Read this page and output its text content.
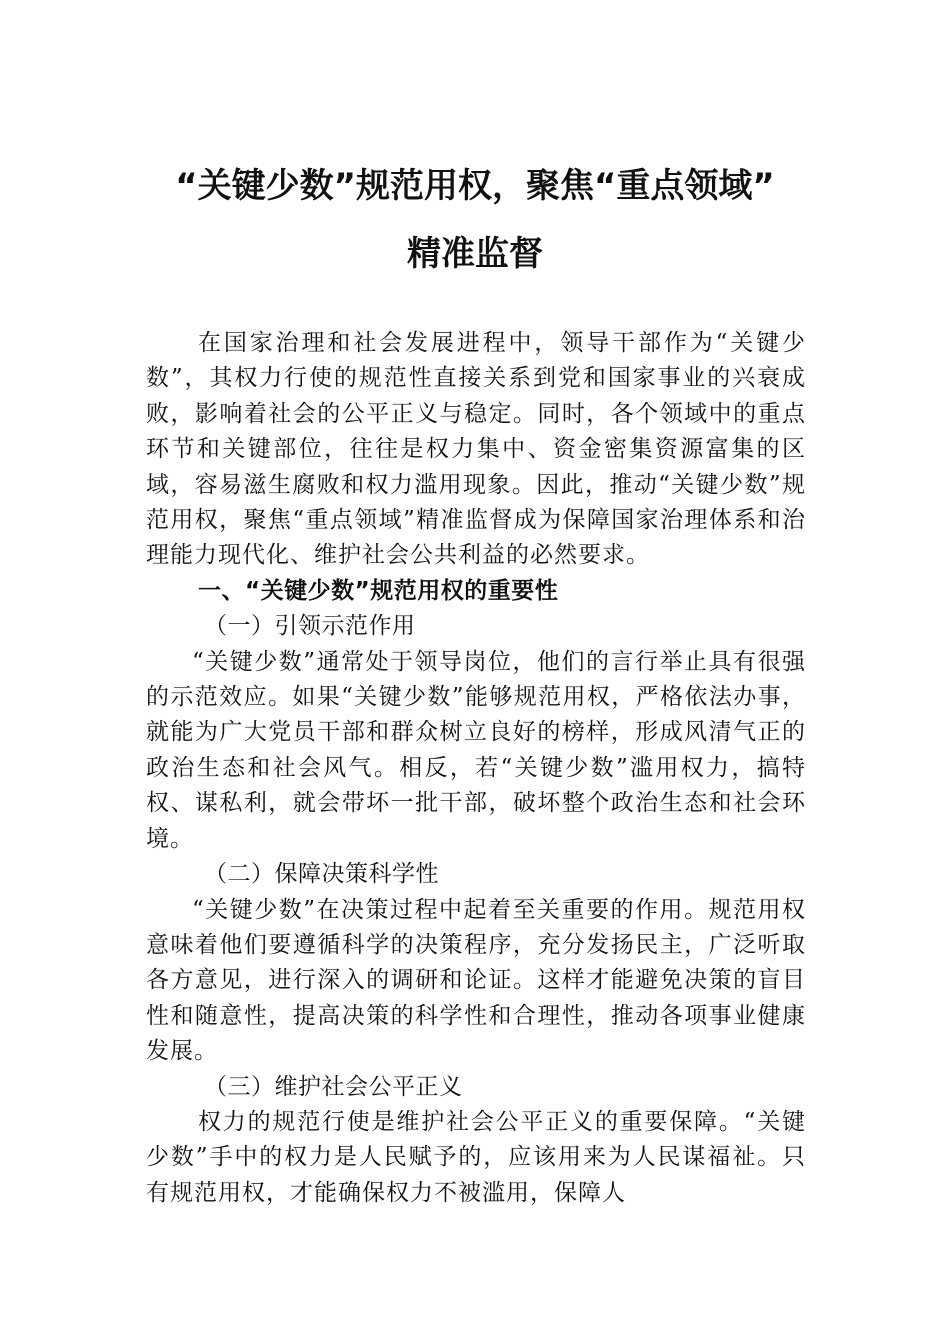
“关键少数”规范用权，聚焦“重点领域”
精准监督

在国家治理和社会发展进程中，领导干部作为“关键少数”，其权力行使的规范性直接关系到党和国家事业的兴衰成败，影响着社会的公平正义与稳定。同时，各个领域中的重点环节和关键部位，往往是权力集中、资金密集资源富集的区域，容易滋生腐败和权力滥用现象。因此，推动“关键少数”规范用权，聚焦“重点领域”精准监督成为保障国家治理体系和治理能力现代化、维护社会公共利益的必然要求。

一、“关键少数”规范用权的重要性

（一）引领示范作用

“关键少数”通常处于领导岗位，他们的言行举止具有很强的示范效应。如果“关键少数”能够规范用权，严格依法办事，就能为广大党员干部和群众树立良好的榜样，形成风清气正的政治生态和社会风气。相反，若“关键少数”滥用权力，搞特权、谋私利，就会带坏一批干部，破坏整个政治生态和社会环境。

（二）保障决策科学性

“关键少数”在决策过程中起着至关重要的作用。规范用权意味着他们要遵循科学的决策程序，充分发扬民主，广泛听取各方意见，进行深入的调研和论证。这样才能避免决策的盲目性和随意性，提高决策的科学性和合理性，推动各项事业健康发展。

（三）维护社会公平正义

权力的规范行使是维护社会公平正义的重要保障。“关键少数”手中的权力是人民赋予的，应该用来为人民谋福祉。只有规范用权，才能确保权力不被滥用，保障人
